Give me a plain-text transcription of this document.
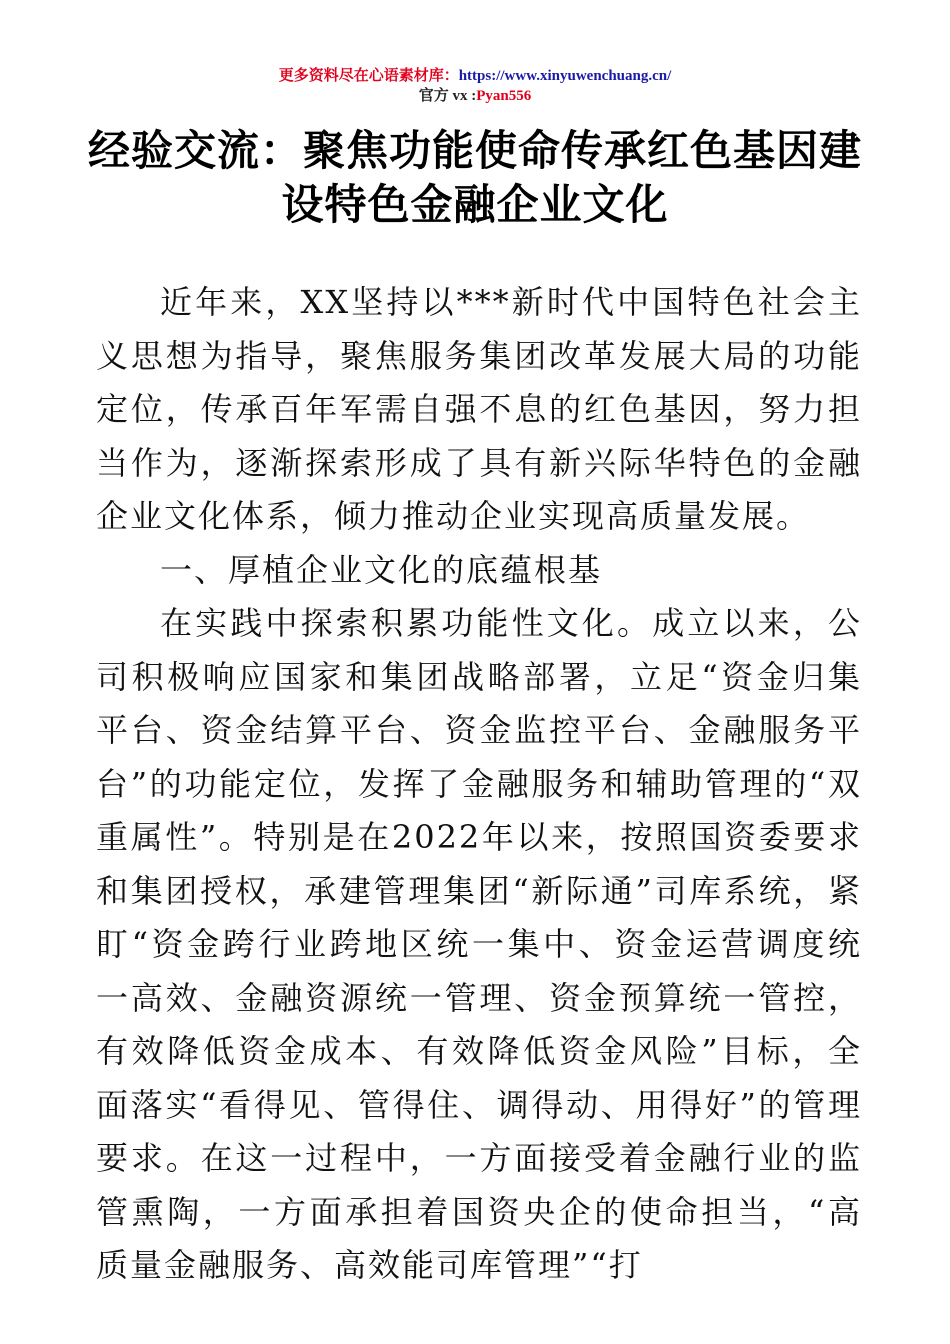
更多资料尽在心语素材库：https://www.xinyuwenchuang.cn/
官方 vx :Pyan556
经验交流：聚焦功能使命传承红色基因建
设特色金融企业文化

近年来，XX坚持以***新时代中国特色社会主义思想为指导，聚焦服务集团改革发展大局的功能定位，传承百年军需自强不息的红色基因，努力担当作为，逐渐探索形成了具有新兴际华特色的金融企业文化体系，倾力推动企业实现高质量发展。

一、厚植企业文化的底蕴根基

在实践中探索积累功能性文化。成立以来，公司积极响应国家和集团战略部署，立足“资金归集平台、资金结算平台、资金监控平台、金融服务平台”的功能定位，发挥了金融服务和辅助管理的“双重属性”。特别是在2022年以来，按照国资委要求和集团授权，承建管理集团“新际通”司库系统，紧盯“资金跨行业跨地区统一集中、资金运营调度统一高效、金融资源统一管理、资金预算统一管控，有效降低资金成本、有效降低资金风险”目标，全面落实“看得见、管得住、调得动、用得好”的管理要求。在这一过程中，一方面接受着金融行业的监管熏陶，一方面承担着国资央企的使命担当，“高质量金融服务、高效能司库管理”“打
